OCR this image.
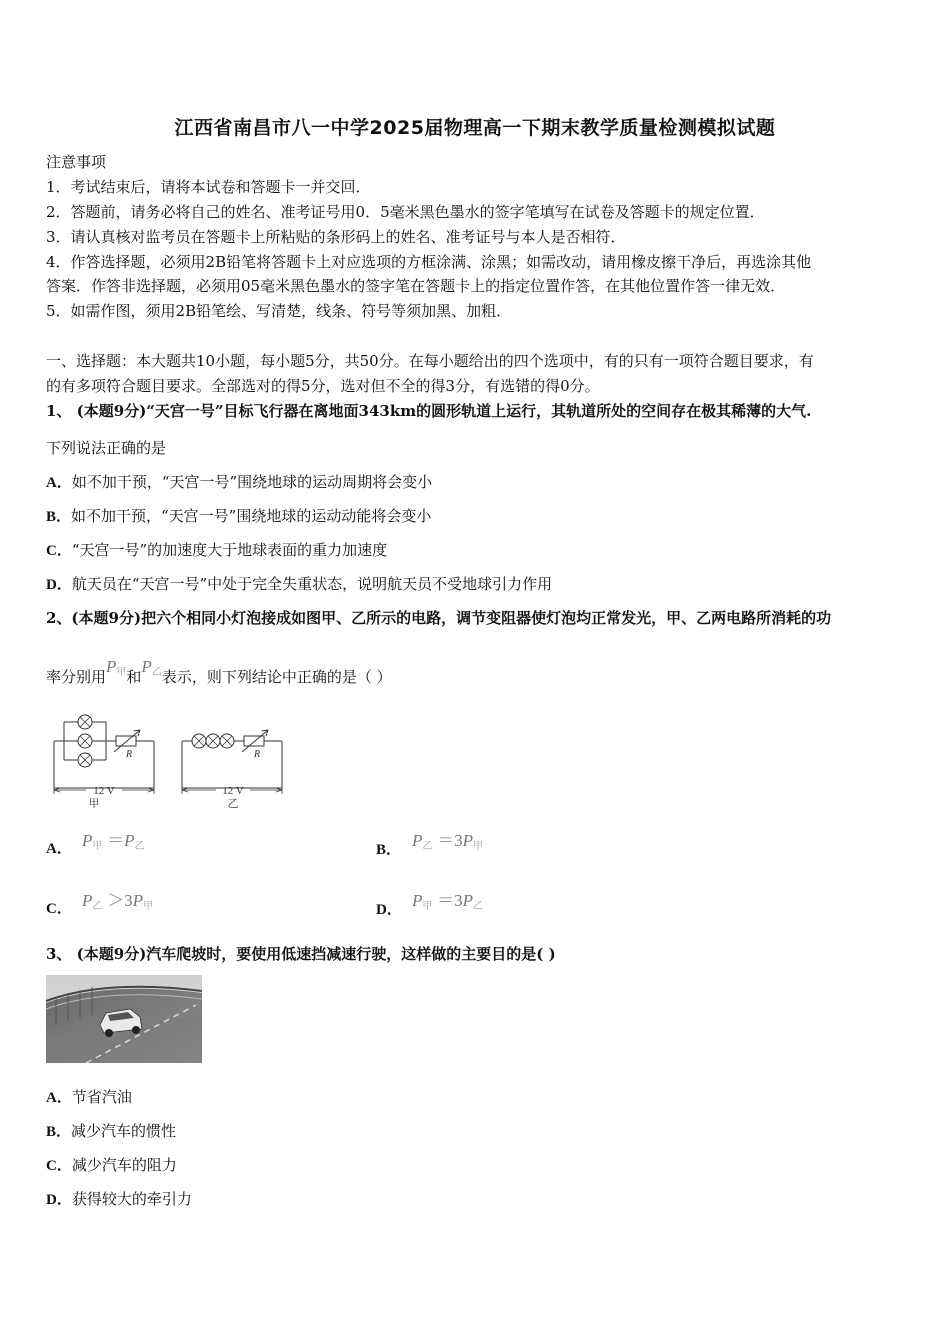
江西省南昌市八一中学2025届物理高一下期末教学质量检测模拟试题
注意事项
1．考试结束后，请将本试卷和答题卡一并交回．
2．答题前，请务必将自己的姓名、准考证号用0．5毫米黑色墨水的签字笔填写在试卷及答题卡的规定位置．
3．请认真核对监考员在答题卡上所粘贴的条形码上的姓名、准考证号与本人是否相符．
4．作答选择题，必须用2B铅笔将答题卡上对应选项的方框涂满、涂黑；如需改动，请用橡皮擦干净后，再选涂其他
答案．作答非选择题，必须用05毫米黑色墨水的签字笔在答题卡上的指定位置作答，在其他位置作答一律无效．
5．如需作图，须用2B铅笔绘、写清楚，线条、符号等须加黑、加粗．
一、选择题：本大题共10小题，每小题5分，共50分。在每小题给出的四个选项中，有的只有一项符合题目要求，有
的有多项符合题目要求。全部选对的得5分，选对但不全的得3分，有选错的得0分。
1、 (本题9分)“天宫一号”目标飞行器在离地面343km的圆形轨道上运行，其轨道所处的空间存在极其稀薄的大气.
下列说法正确的是
A．如不加干预，“天宫一号”围绕地球的运动周期将会变小
B．如不加干预，“天宫一号”围绕地球的运动动能将会变小
C．“天宫一号”的加速度大于地球表面的重力加速度
D．航天员在“天宫一号”中处于完全失重状态，说明航天员不受地球引力作用
2、(本题9分)把六个相同小灯泡接成如图甲、乙所示的电路，调节变阻器使灯泡均正常发光，甲、乙两电路所消耗的功
率分别用$P_甲$和$P_乙$表示，则下列结论中正确的是（ ）
12 V
甲
R
12 V
乙
R
A． $P_甲 =P_乙$	B． $P_乙 =3P_甲$
C． $P_乙 >3P_甲$	D． $P_甲 =3P_乙$
3、 (本题9分)汽车爬坡时，要使用低速挡减速行驶，这样做的主要目的是( )
A．节省汽油
B．减少汽车的惯性
C．减少汽车的阻力
D．获得较大的牵引力
